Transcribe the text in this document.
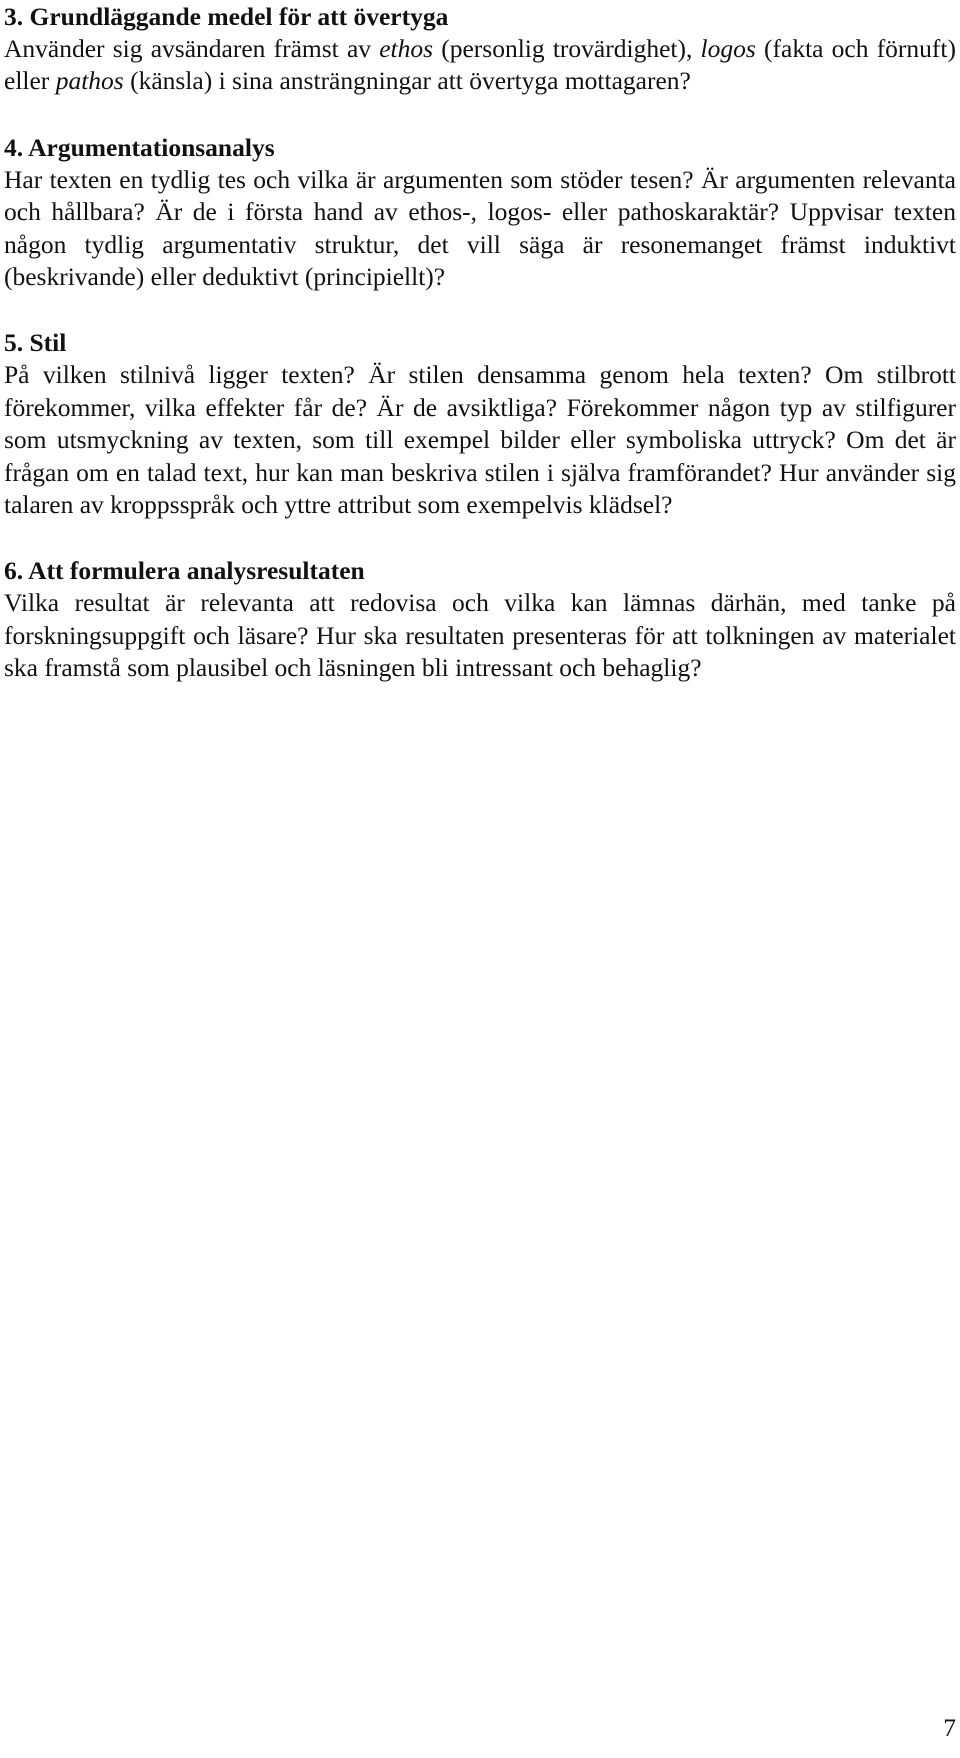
3. Grundläggande medel för att övertyga

Använder sig avsändaren främst av ethos (personlig trovärdighet), logos (fakta och förnuft) eller pathos (känsla) i sina ansträngningar att övertyga mottagaren?

4. Argumentationsanalys

Har texten en tydlig tes och vilka är argumenten som stöder tesen? Är argumenten relevanta och hållbara? Är de i första hand av ethos-, logos- eller pathoskaraktär? Uppvisar texten någon tydlig argumentativ struktur, det vill säga är resonemanget främst induktivt (beskrivande) eller deduktivt (principiellt)?

5. Stil

På vilken stilnivå ligger texten? Är stilen densamma genom hela texten? Om stilbrott förekommer, vilka effekter får de? Är de avsiktliga? Förekommer någon typ av stilfigurer som utsmyckning av texten, som till exempel bilder eller symboliska uttryck? Om det är frågan om en talad text, hur kan man beskriva stilen i själva framförandet? Hur använder sig talaren av kroppsspråk och yttre attribut som exempelvis klädsel?

6. Att formulera analysresultaten

Vilka resultat är relevanta att redovisa och vilka kan lämnas därhän, med tanke på forskningsuppgift och läsare? Hur ska resultaten presenteras för att tolkningen av materialet ska framstå som plausibel och läsningen bli intressant och behaglig?

7
